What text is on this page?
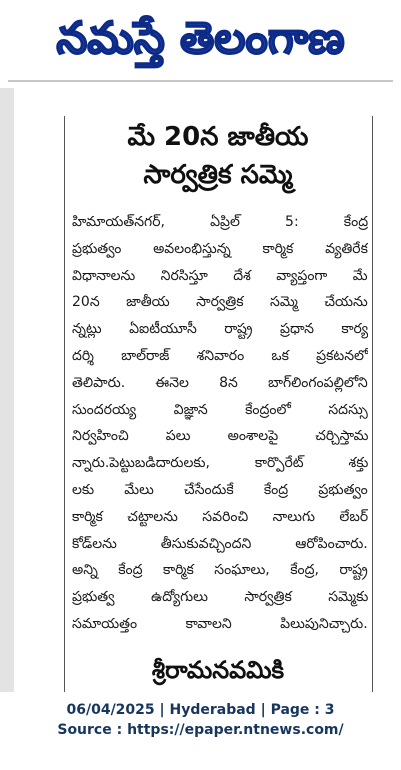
నమస్తే తెలంగాణ
మే 20న జాతీయ
సార్వత్రిక సమ్మె
హిమాయత్‌నగర్‌, ఏప్రిల్‌ 5: కేంద్ర
ప్రభుత్వం అవలంభిస్తున్న కార్మిక వ్యతిరేక
విధానాలను నిరసిస్తూ దేశ వ్యాప్తంగా మే
20న జాతీయ సార్వత్రిక సమ్మె చేయను
న్నట్లు ఏఐటీయూసీ రాష్ట్ర ప్రధాన కార్య
దర్శి బాల్‌రాజ్‌ శనివారం ఒక ప్రకటనలో
తెలిపారు. ఈనెల 8న బాగ్‌లింగంపల్లిలోని
సుందరయ్య విజ్ఞాన కేంద్రంలో సదస్సు
నిర్వహించి పలు అంశాలపై చర్చిస్తామ
న్నారు.పెట్టుబడిదారులకు, కార్పొరేట్‌ శక్తు
లకు మేలు చేసేందుకే కేంద్ర ప్రభుత్వం
కార్మిక చట్టాలను సవరించి నాలుగు లేబర్‌
కోడ్‌లను తీసుకువచ్చిందని ఆరోపించారు.
అన్ని కేంద్ర కార్మిక సంఘాలు, కేంద్ర, రాష్ట్ర
ప్రభుత్వ ఉద్యోగులు సార్వత్రిక సమ్మెకు
సమాయత్తం కావాలని పిలుపునిచ్చారు.
శ్రీరామనవమికి
06/04/2025 | Hyderabad | Page : 3
Source : https://epaper.ntnews.com/
